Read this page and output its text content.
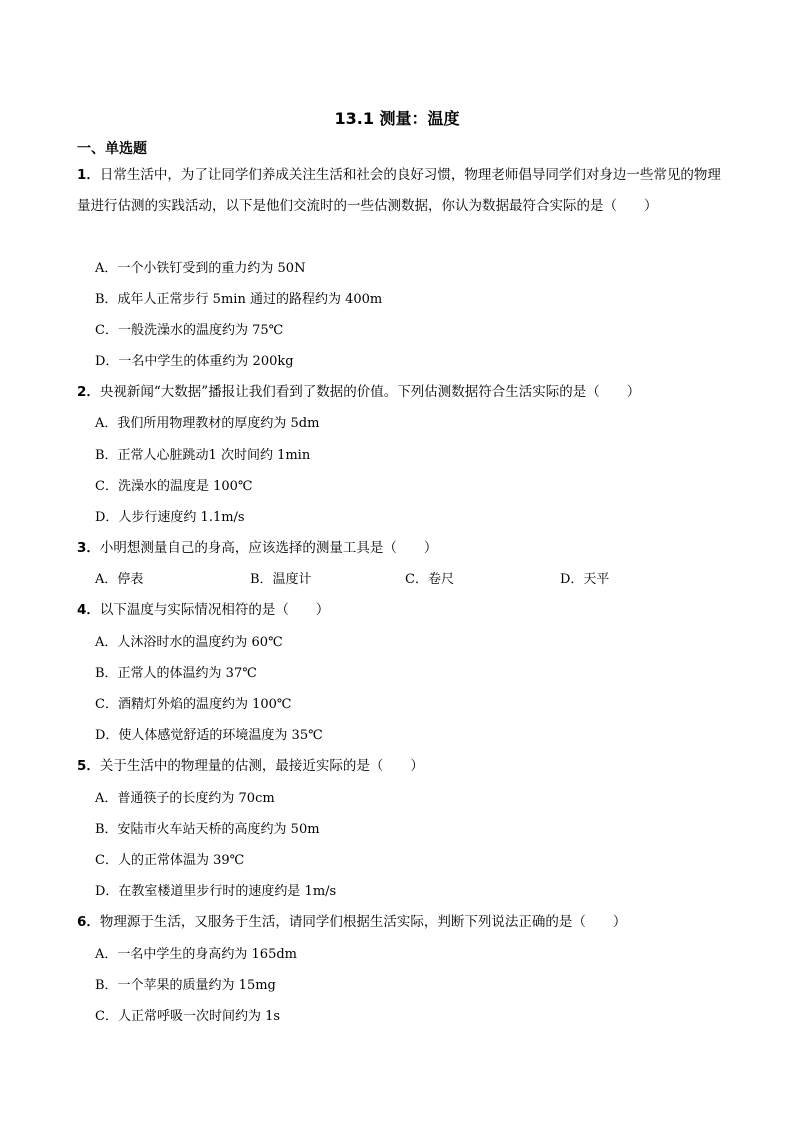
13.1 测量：温度
一、单选题
1．日常生活中，为了让同学们养成关注生活和社会的良好习惯，物理老师倡导同学们对身边一些常见的物理量进行估测的实践活动，以下是他们交流时的一些估测数据，你认为数据最符合实际的是（　　）
A．一个小铁钉受到的重力约为 50N
B．成年人正常步行 5min 通过的路程约为 400m
C．一般洗澡水的温度约为 75℃
D．一名中学生的体重约为 200kg
2．央视新闻“大数据”播报让我们看到了数据的价值。下列估测数据符合生活实际的是（　　）
A．我们所用物理教材的厚度约为 5dm
B．正常人心脏跳动1 次时间约 1min
C．洗澡水的温度是 100℃
D．人步行速度约 1.1m/s
3．小明想测量自己的身高，应该选择的测量工具是（　　）
A．停表	B．温度计	C．卷尺	D．天平
4．以下温度与实际情况相符的是（　　）
A．人沐浴时水的温度约为 60℃
B．正常人的体温约为 37℃
C．酒精灯外焰的温度约为 100℃
D．使人体感觉舒适的环境温度为 35℃
5．关于生活中的物理量的估测，最接近实际的是（　　）
A．普通筷子的长度约为 70cm
B．安陆市火车站天桥的高度约为 50m
C．人的正常体温为 39℃
D．在教室楼道里步行时的速度约是 1m/s
6．物理源于生活，又服务于生活，请同学们根据生活实际，判断下列说法正确的是（　　）
A．一名中学生的身高约为 165dm
B．一个苹果的质量约为 15mg
C．人正常呼吸一次时间约为 1s
